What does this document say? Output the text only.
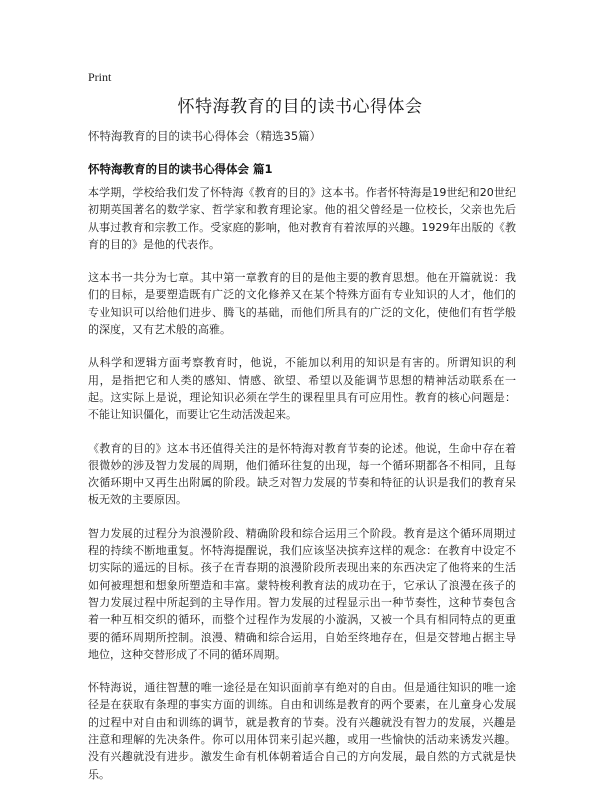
Print
怀特海教育的目的读书心得体会
怀特海教育的目的读书心得体会（精选35篇）
怀特海教育的目的读书心得体会 篇1

本学期，学校给我们发了怀特海《教育的目的》这本书。作者怀特海是19世纪和20世纪初期英国著名的数学家、哲学家和教育理论家。他的祖父曾经是一位校长，父亲也先后从事过教育和宗教工作。受家庭的影响，他对教育有着浓厚的兴趣。1929年出版的《教育的目的》是他的代表作。

这本书一共分为七章。其中第一章教育的目的是他主要的教育思想。他在开篇就说：我们的目标，是要塑造既有广泛的文化修养又在某个特殊方面有专业知识的人才，他们的专业知识可以给他们进步、腾飞的基础，而他们所具有的广泛的文化，使他们有哲学般的深度，又有艺术般的高雅。

从科学和逻辑方面考察教育时，他说，不能加以利用的知识是有害的。所谓知识的利用，是指把它和人类的感知、情感、欲望、希望以及能调节思想的精神活动联系在一起。这实际上是说，理论知识必须在学生的课程里具有可应用性。教育的核心问题是：不能让知识僵化，而要让它生动活泼起来。

《教育的目的》这本书还值得关注的是怀特海对教育节奏的论述。他说，生命中存在着很微妙的涉及智力发展的周期，他们循环往复的出现，每一个循环期都各不相同，且每次循环期中又再生出附属的阶段。缺乏对智力发展的节奏和特征的认识是我们的教育呆板无效的主要原因。

智力发展的过程分为浪漫阶段、精确阶段和综合运用三个阶段。教育是这个循环周期过程的持续不断地重复。怀特海提醒说，我们应该坚决摈弃这样的观念：在教育中设定不切实际的遥远的目标。孩子在青春期的浪漫阶段所表现出来的东西决定了他将来的生活如何被理想和想象所塑造和丰富。蒙特梭利教育法的成功在于，它承认了浪漫在孩子的智力发展过程中所起到的主导作用。智力发展的过程显示出一种节奏性，这种节奏包含着一种互相交织的循环，而整个过程作为发展的小漩涡，又被一个具有相同特点的更重要的循环周期所控制。浪漫、精确和综合运用，自始至终地存在，但是交替地占据主导地位，这种交替形成了不同的循环周期。

怀特海说，通往智慧的唯一途径是在知识面前享有绝对的自由。但是通往知识的唯一途径是在获取有条理的事实方面的训练。自由和训练是教育的两个要素，在儿童身心发展的过程中对自由和训练的调节，就是教育的节奏。没有兴趣就没有智力的发展，兴趣是注意和理解的先决条件。你可以用体罚来引起兴趣，或用一些愉快的活动来诱发兴趣。没有兴趣就没有进步。激发生命有机体朝着适合自己的方向发展，最自然的方式就是快乐。
